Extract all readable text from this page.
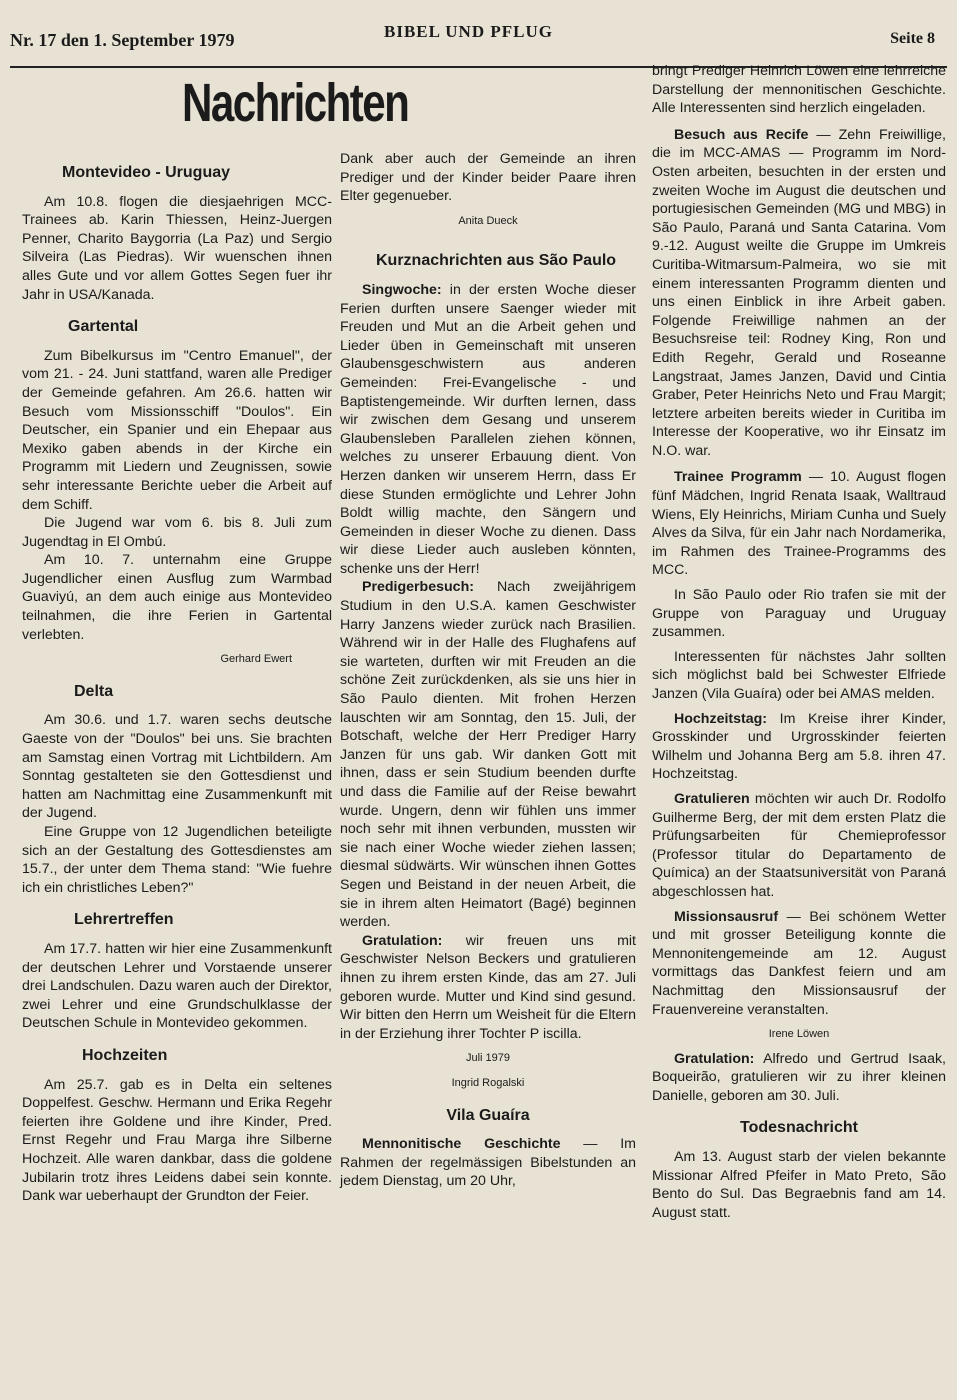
Nr. 17 den 1. September 1979	BIBEL UND PFLUG	Seite 8
Nachrichten
Montevideo - Uruguay

Am 10.8. flogen die diesjaehrigen MCC-Trainees ab. Karin Thiessen, Heinz-Juergen Penner, Charito Baygorria (La Paz) und Sergio Silveira (Las Piedras). Wir wuenschen ihnen alles Gute und vor allem Gottes Segen fuer ihr Jahr in USA/Kanada.

Gartental

Zum Bibelkursus im "Centro Emanuel", der vom 21. - 24. Juni stattfand, waren alle Prediger der Gemeinde gefahren. Am 26.6. hatten wir Besuch vom Missionsschiff "Doulos". Ein Deutscher, ein Spanier und ein Ehepaar aus Mexiko gaben abends in der Kirche ein Programm mit Liedern und Zeugnissen, sowie sehr interessante Berichte ueber die Arbeit auf dem Schiff.

Die Jugend war vom 6. bis 8. Juli zum Jugendtag in El Ombú.

Am 10. 7. unternahm eine Gruppe Jugendlicher einen Ausflug zum Warmbad Guaviyú, an dem auch einige aus Montevideo teilnahmen, die ihre Ferien in Gartental verlebten.

Gerhard Ewert
Delta

Am 30.6. und 1.7. waren sechs deutsche Gaeste von der "Doulos" bei uns. Sie brachten am Samstag einen Vortrag mit Lichtbildern. Am Sonntag gestalteten sie den Gottesdienst und hatten am Nachmittag eine Zusammenkunft mit der Jugend.

Eine Gruppe von 12 Jugendlichen beteiligte sich an der Gestaltung des Gottesdienstes am 15.7., der unter dem Thema stand: "Wie fuehre ich ein christliches Leben?"

Lehrertreffen

Am 17.7. hatten wir hier eine Zusammenkunft der deutschen Lehrer und Vorstaende unserer drei Landschulen. Dazu waren auch der Direktor, zwei Lehrer und eine Grundschulklasse der Deutschen Schule in Montevideo gekommen.

Hochzeiten

Am 25.7. gab es in Delta ein seltenes Doppelfest. Geschw. Hermann und Erika Regehr feierten ihre Goldene und ihre Kinder, Pred. Ernst Regehr und Frau Marga ihre Silberne Hochzeit. Alle waren dankbar, dass die goldene Jubilarin trotz ihres Leidens dabei sein konnte. Dank war ueberhaupt der Grundton der Feier.

Dank aber auch der Gemeinde an ihren Prediger und der Kinder beider Paare ihren Elter gegenueber.

Anita Dueck
Kurznachrichten aus São Paulo

Singwoche: in der ersten Woche dieser Ferien durften unsere Saenger wieder mit Freuden und Mut an die Arbeit gehen und Lieder üben in Gemeinschaft mit unseren Glaubensgeschwistern aus anderen Gemeinden: Frei-Evangelische - und Baptistengemeinde. Wir durften lernen, dass wir zwischen dem Gesang und unserem Glaubensleben Parallelen ziehen können, welches zu unserer Erbauung dient. Von Herzen danken wir unserem Herrn, dass Er diese Stunden ermöglichte und Lehrer John Boldt willig machte, den Sängern und Gemeinden in dieser Woche zu dienen. Dass wir diese Lieder auch ausleben könnten, schenke uns der Herr!

Predigerbesuch: Nach zweijährigem Studium in den U.S.A. kamen Geschwister Harry Janzens wieder zurück nach Brasilien. Während wir in der Halle des Flughafens auf sie warteten, durften wir mit Freuden an die schöne Zeit zurückdenken, als sie uns hier in São Paulo dienten. Mit frohen Herzen lauschten wir am Sonntag, den 15. Juli, der Botschaft, welche der Herr Prediger Harry Janzen für uns gab. Wir danken Gott mit ihnen, dass er sein Studium beenden durfte und dass die Familie auf der Reise bewahrt wurde. Ungern, denn wir fühlen uns immer noch sehr mit ihnen verbunden, mussten wir sie nach einer Woche wieder ziehen lassen; diesmal südwärts. Wir wünschen ihnen Gottes Segen und Beistand in der neuen Arbeit, die sie in ihrem alten Heimatort (Bagé) beginnen werden.

Gratulation: wir freuen uns mit Geschwister Nelson Beckers und gratulieren ihnen zu ihrem ersten Kinde, das am 27. Juli geboren wurde. Mutter und Kind sind gesund. Wir bitten den Herrn um Weisheit für die Eltern in der Erziehung ihrer Tochter P iscilla.

Juli 1979
Ingrid Rogalski
Vila Guaíra

Mennonitische Geschichte — Im Rahmen der regelmässigen Bibelstunden an jedem Dienstag, um 20 Uhr,

bringt Prediger Heinrich Löwen eine lehrreiche Darstellung der mennonitischen Geschichte. Alle Interessenten sind herzlich eingeladen.

Besuch aus Recife — Zehn Freiwillige, die im MCC-AMAS — Programm im Nord-Osten arbeiten, besuchten in der ersten und zweiten Woche im August die deutschen und portugiesischen Gemeinden (MG und MBG) in São Paulo, Paraná und Santa Catarina. Vom 9.-12. August weilte die Gruppe im Umkreis Curitiba-Witmarsum-Palmeira, wo sie mit einem interessanten Programm dienten und uns einen Einblick in ihre Arbeit gaben. Folgende Freiwillige nahmen an der Besuchsreise teil: Rodney King, Ron und Edith Regehr, Gerald und Roseanne Langstraat, James Janzen, David und Cintia Graber, Peter Heinrichs Neto und Frau Margit; letztere arbeiten bereits wieder in Curitiba im Interesse der Kooperative, wo ihr Einsatz im N.O. war.

Trainee Programm — 10. August flogen fünf Mädchen, Ingrid Renata Isaak, Walltraud Wiens, Ely Heinrichs, Miriam Cunha und Suely Alves da Silva, für ein Jahr nach Nordamerika, im Rahmen des Trainee-Programms des MCC.

In São Paulo oder Rio trafen sie mit der Gruppe von Paraguay und Uruguay zusammen.

Interessenten für nächstes Jahr sollten sich möglichst bald bei Schwester Elfriede Janzen (Vila Guaíra) oder bei AMAS melden.

Hochzeitstag: Im Kreise ihrer Kinder, Grosskinder und Urgrosskinder feierten Wilhelm und Johanna Berg am 5.8. ihren 47. Hochzeitstag.

Gratulieren möchten wir auch Dr. Rodolfo Guilherme Berg, der mit dem ersten Platz die Prüfungsarbeiten für Chemieprofessor (Professor titular do Departamento de Química) an der Staatsuniversität von Paraná abgeschlossen hat.

Missionsausruf — Bei schönem Wetter und mit grosser Beteiligung konnte die Mennonitengemeinde am 12. August vormittags das Dankfest feiern und am Nachmittag den Missionsausruf der Frauenvereine veranstalten.

Irene Löwen

Gratulation: Alfredo und Gertrud Isaak, Boqueirão, gratulieren wir zu ihrer kleinen Danielle, geboren am 30. Juli.

Todesnachricht

Am 13. August starb der vielen bekannte Missionar Alfred Pfeifer in Mato Preto, São Bento do Sul. Das Begraebnis fand am 14. August statt.
